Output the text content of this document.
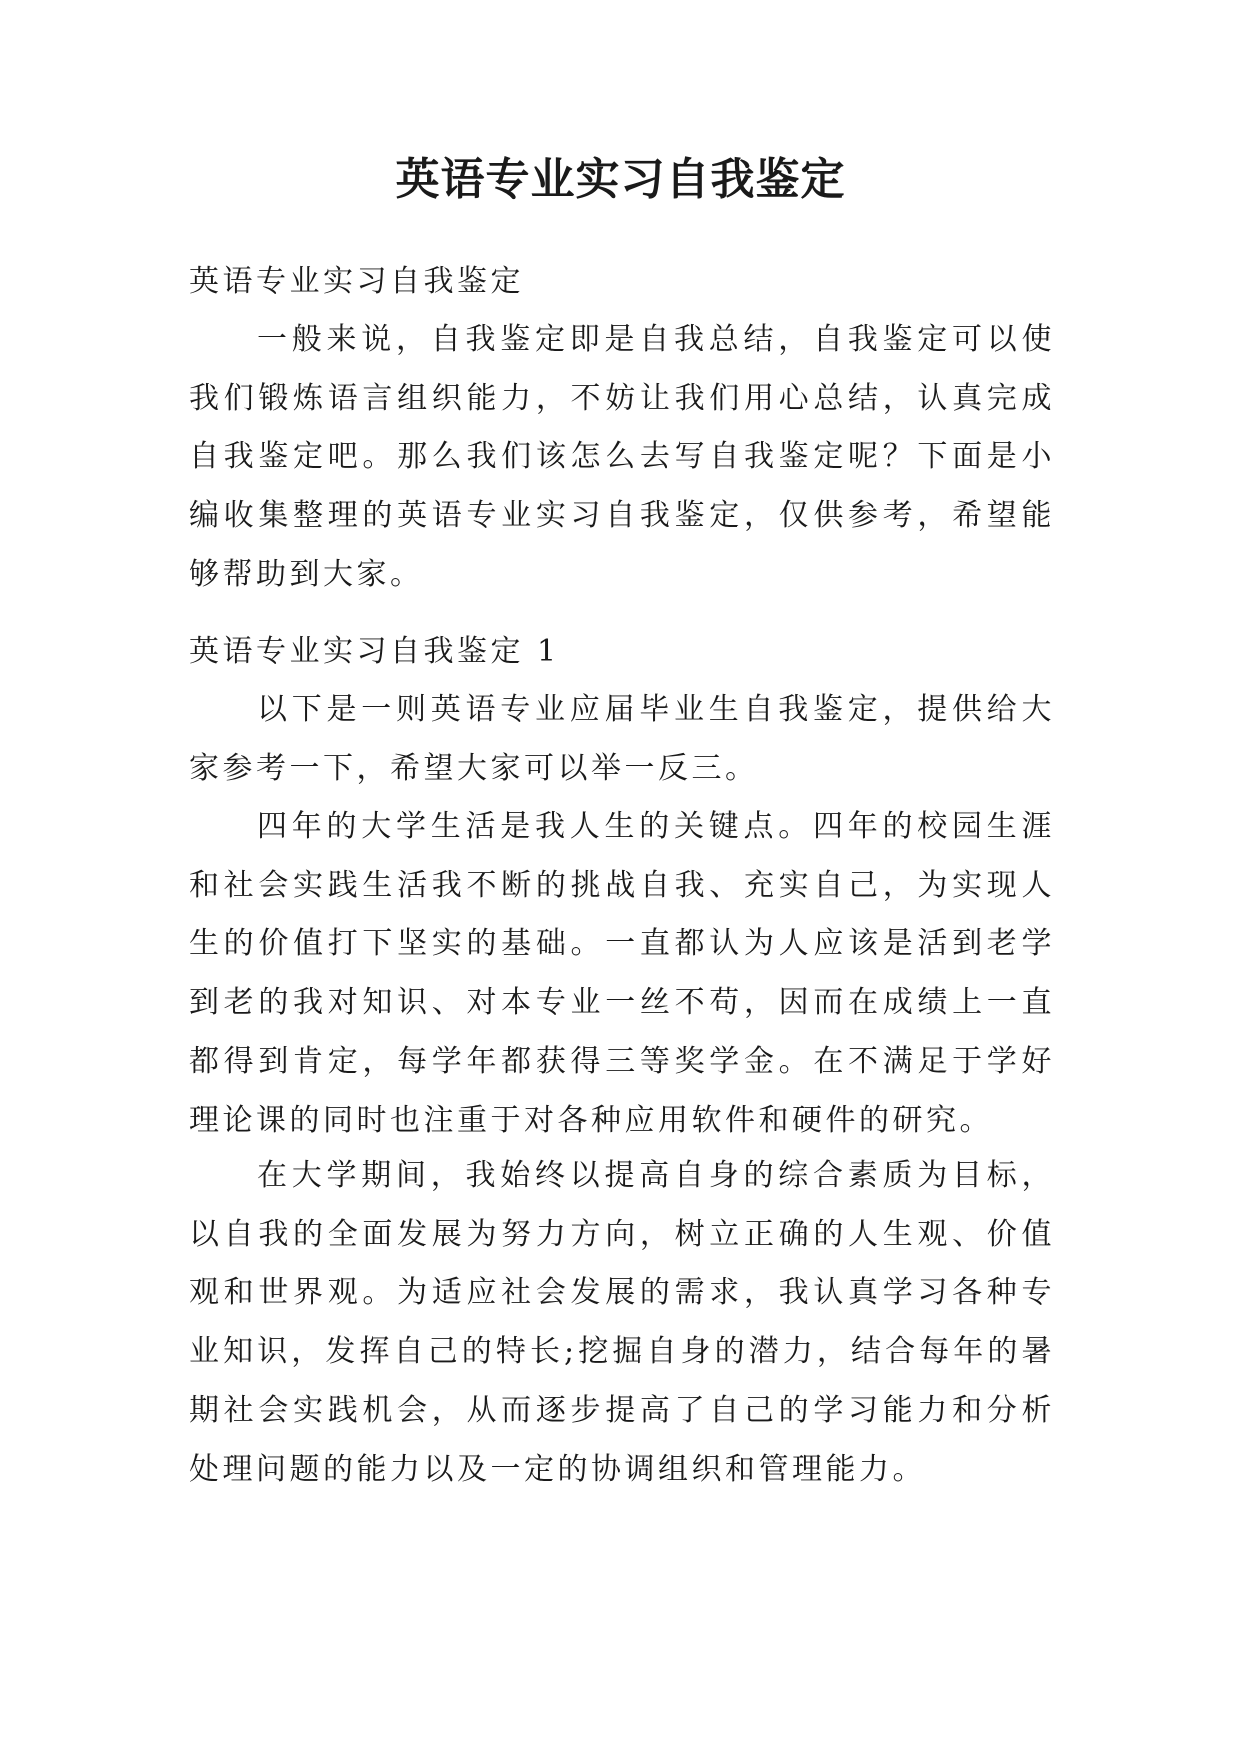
英语专业实习自我鉴定

英语专业实习自我鉴定

一般来说，自我鉴定即是自我总结，自我鉴定可以使我们锻炼语言组织能力，不妨让我们用心总结，认真完成自我鉴定吧。那么我们该怎么去写自我鉴定呢？下面是小编收集整理的英语专业实习自我鉴定，仅供参考，希望能够帮助到大家。

英语专业实习自我鉴定 1

以下是一则英语专业应届毕业生自我鉴定，提供给大家参考一下，希望大家可以举一反三。

四年的大学生活是我人生的关键点。四年的校园生涯和社会实践生活我不断的挑战自我、充实自己，为实现人生的价值打下坚实的基础。一直都认为人应该是活到老学到老的我对知识、对本专业一丝不苟，因而在成绩上一直都得到肯定，每学年都获得三等奖学金。在不满足于学好理论课的同时也注重于对各种应用软件和硬件的研究。

在大学期间，我始终以提高自身的综合素质为目标，以自我的全面发展为努力方向，树立正确的人生观、价值观和世界观。为适应社会发展的需求，我认真学习各种专业知识，发挥自己的特长;挖掘自身的潜力，结合每年的暑期社会实践机会，从而逐步提高了自己的学习能力和分析处理问题的能力以及一定的协调组织和管理能力。
